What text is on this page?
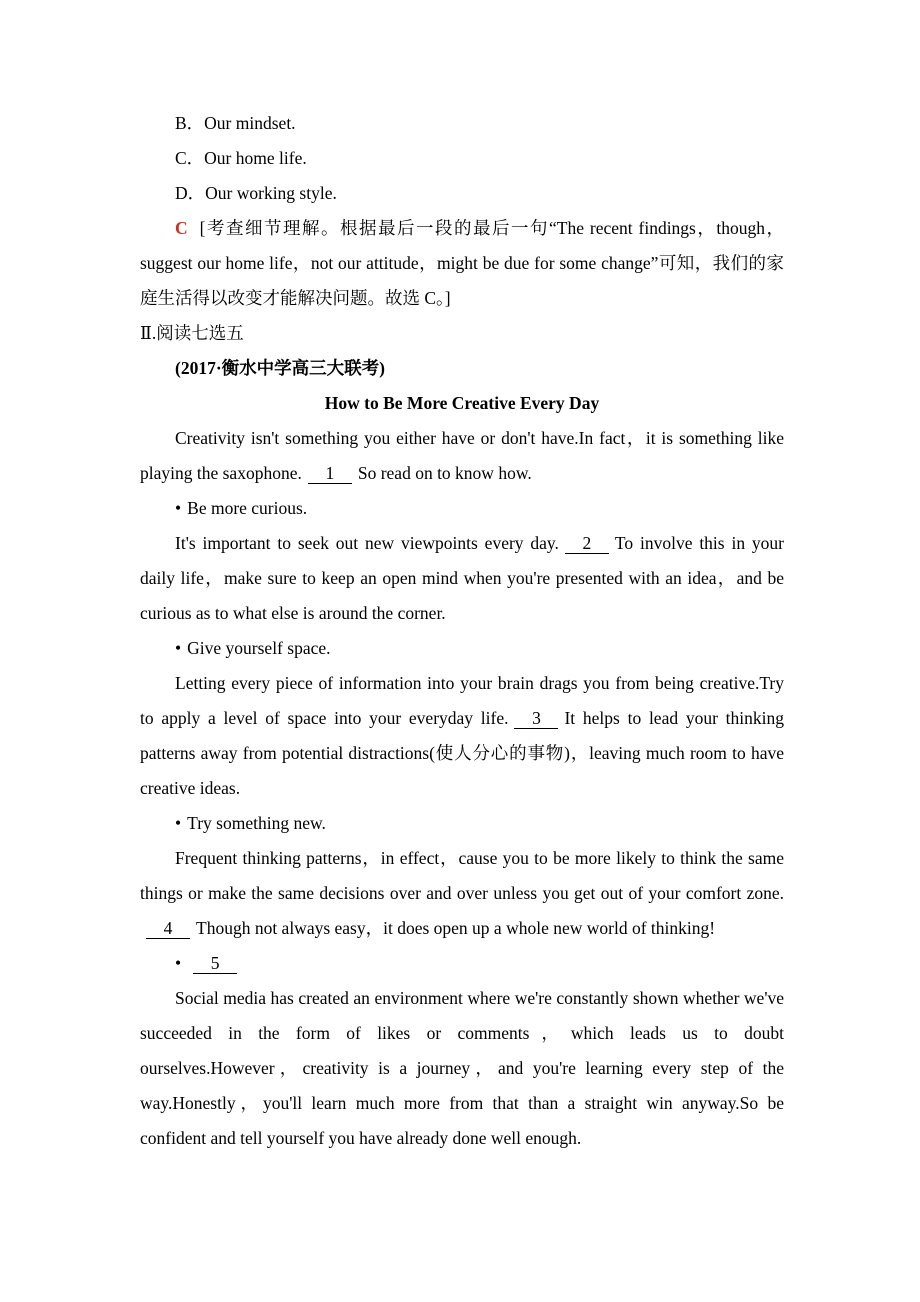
B．Our mindset.

C．Our home life.

D．Our working style.

C [考查细节理解。根据最后一段的最后一句“The recent findings，though，suggest our home life，not our attitude，might be due for some change”可知，我们的家庭生活得以改变才能解决问题。故选 C。]

Ⅱ.阅读七选五

(2017·衡水中学高三大联考)

How to Be More Creative Every Day

Creativity isn't something you either have or don't have.In fact，it is something like playing the saxophone. 1 So read on to know how.

• Be more curious.

It's important to seek out new viewpoints every day. 2 To involve this in your daily life，make sure to keep an open mind when you're presented with an idea，and be curious as to what else is around the corner.

• Give yourself space.

Letting every piece of information into your brain drags you from being creative.Try to apply a level of space into your everyday life. 3 It helps to lead your thinking patterns away from potential distractions(使人分心的事物)，leaving much room to have creative ideas.

• Try something new.

Frequent thinking patterns，in effect，cause you to be more likely to think the same things or make the same decisions over and over unless you get out of your comfort zone.4 Though not always easy，it does open up a whole new world of thinking!

• 5

Social media has created an environment where we're constantly shown whether we've succeeded in the form of likes or comments，which leads us to doubt ourselves.However，creativity is a journey，and you're learning every step of the way.Honestly，you'll learn much more from that than a straight win anyway.So be confident and tell yourself you have already done well enough.
